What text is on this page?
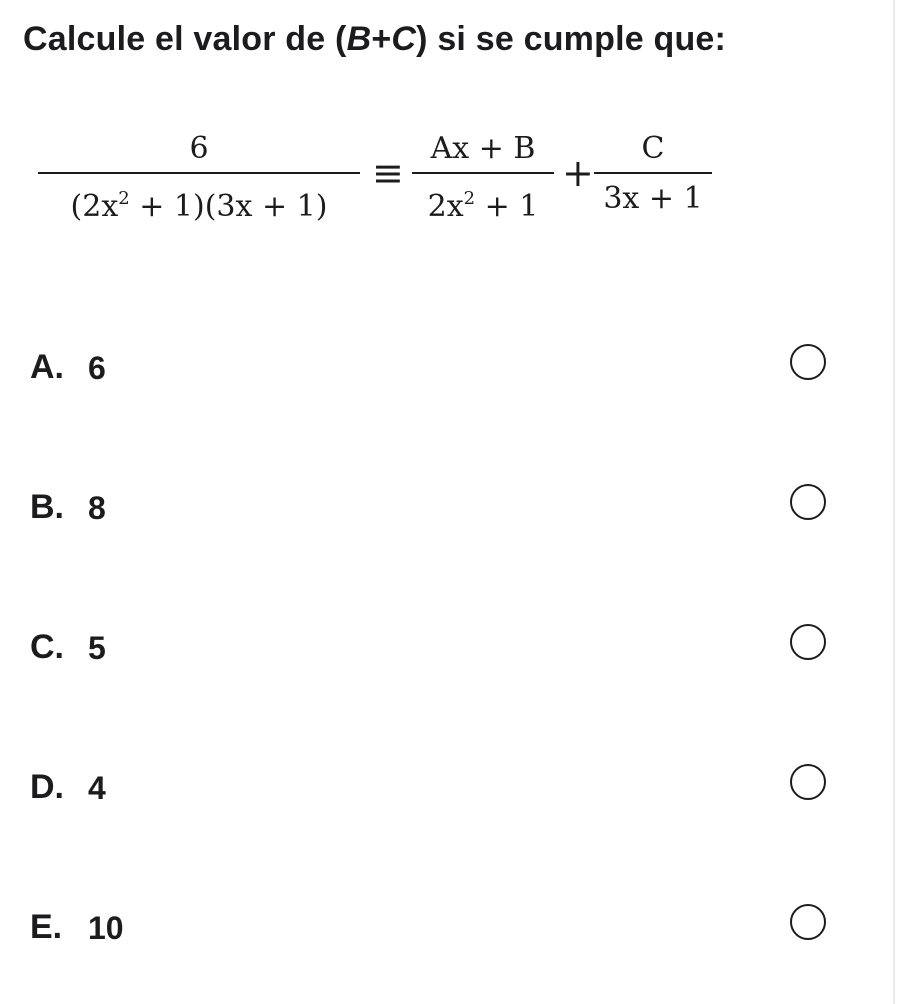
Calcule el valor de (B+C) si se cumple que:
6
$(2x^2 + 1)(3x + 1)$
≡
Ax + B
$2x^2 + 1$
+
C
3x + 1
A. 6
B. 8
C. 5
D. 4
E. 10
